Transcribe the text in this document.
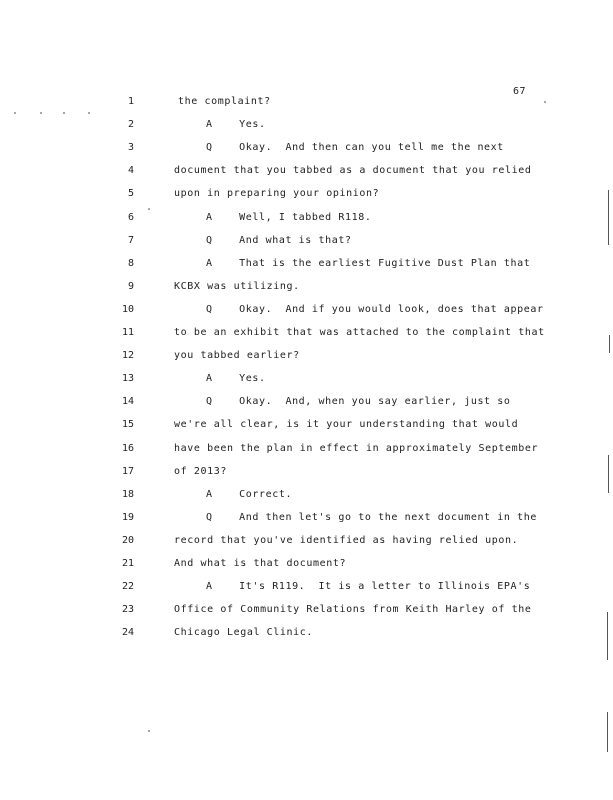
67
1	the complaint?
2	A    Yes.
3	Q    Okay.  And then can you tell me the next
4	document that you tabbed as a document that you relied
5	upon in preparing your opinion?
6	A    Well, I tabbed R118.
7	Q    And what is that?
8	A    That is the earliest Fugitive Dust Plan that
9	KCBX was utilizing.
10	Q    Okay.  And if you would look, does that appear
11	to be an exhibit that was attached to the complaint that
12	you tabbed earlier?
13	A    Yes.
14	Q    Okay.  And, when you say earlier, just so
15	we're all clear, is it your understanding that would
16	have been the plan in effect in approximately September
17	of 2013?
18	A    Correct.
19	Q    And then let's go to the next document in the
20	record that you've identified as having relied upon.
21	And what is that document?
22	A    It's R119.  It is a letter to Illinois EPA's
23	Office of Community Relations from Keith Harley of the
24	Chicago Legal Clinic.
